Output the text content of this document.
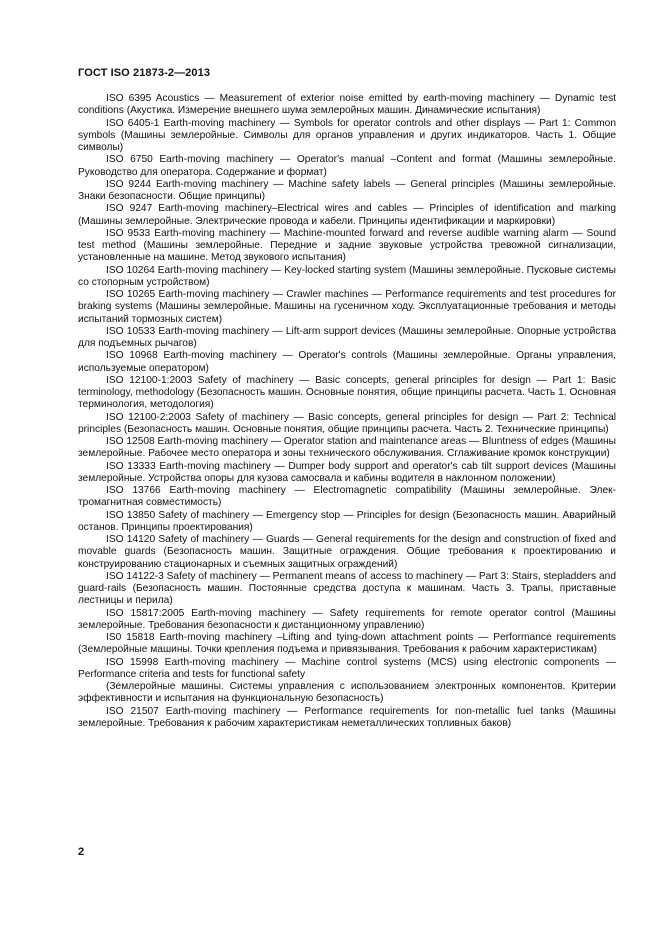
ГОСТ ISO 21873-2—2013

ISO 6395 Acoustics — Measurement of exterior noise emitted by earth-moving machinery — Dynamic test conditions (Акустика. Измерение внешнего шума землеройных машин. Динамические испытания)

ISO 6405-1 Earth-moving machinery — Symbols for operator controls and other displays — Part 1: Common symbols (Машины землеройные. Символы для органов управления и других индикаторов. Часть 1. Общие символы)

ISO 6750 Earth-moving machinery — Operator's manual –Content and format (Машины землеройные. Руководство для оператора. Содержание и формат)

ISO 9244 Earth-moving machinery — Machine safety labels — General principles (Машины землеройные. Знаки безопасности. Общие принципы)

ISO 9247 Earth-moving machinery–Electrical wires and cables — Principles of identification and marking (Машины землеройные. Электрические провода и кабели. Принципы идентификации и маркировки)

ISO 9533 Earth-moving machinery — Machine-mounted forward and reverse audible warning alarm — Sound test method (Машины землеройные. Передние и задние звуковые устройства тревожной сигнализации, установленные на машине. Метод звукового испытания)

ISO 10264 Earth-moving machinery — Key-locked starting system (Машины землеройные. Пусковые системы со стопорным устройством)

ISO 10265 Earth-moving machinery — Crawler machines — Performance requirements and test procedures for braking systems (Машины землеройные. Машины на гусеничном ходу. Эксплуатационные требования и методы испытаний тормозных систем)

ISO 10533 Earth-moving machinery — Lift-arm support devices (Машины землеройные. Опорные устройства для подъемных рычагов)

ISO 10968 Earth-moving machinery — Operator's controls (Машины землеройные. Органы управления, используемые оператором)

ISO 12100-1:2003 Safety of machinery — Basic concepts, general principles for design — Part 1: Basic terminology, methodology (Безопасность машин. Основные понятия, общие принципы расчета. Часть 1. Основная терминология, методология)

ISO 12100-2:2003 Safety of machinery — Basic concepts, general principles for design — Part 2: Technical principles (Безопасность машин. Основные понятия, общие принципы расчета. Часть 2. Технические принципы)

ISO 12508 Earth-moving machinery — Operator station and maintenance areas — Bluntness of edges (Машины землеройные. Рабочее место оператора и зоны технического обслуживания. Сглаживание кромок конструкции)

ISO 13333 Earth-moving machinery — Dumper body support and operator's cab tilt support devices (Машины землеройные. Устройства опоры для кузова самосвала и кабины водителя в наклонном положении)

ISO 13766 Earth-moving machinery — Electromagnetic compatibility (Машины землеройные. Электромагнитная совместимость)

ISO 13850 Safety of machinery — Emergency stop — Principles for design (Безопасность машин. Аварийный останов. Принципы проектирования)

ISO 14120 Safety of machinery — Guards — General requirements for the design and construction of fixed and movable guards (Безопасность машин. Защитные ограждения. Общие требования к проектированию и конструированию стационарных и съемных защитных ограждений)

ISO 14122-3 Safety of machinery — Permanent means of access to machinery — Part 3: Stairs, stepladders and guard-rails (Безопасность машин. Постоянные средства доступа к машинам. Часть 3. Трапы, приставные лестницы и перила)

ISO 15817:2005 Earth-moving machinery — Safety requirements for remote operator control (Машины землеройные. Требования безопасности к дистанционному управлению)

IS0 15818 Earth-moving machinery –Lifting and tying-down attachment points — Performance requirements (Землеройные машины. Точки крепления подъема и привязывания. Требования к рабочим характеристикам)

ISO 15998 Earth-moving machinery — Machine control systems (MCS) using electronic components — Performance criteria and tests for functional safety

(Землеройные машины. Системы управления с использованием электронных компонентов. Критерии эффективности и испытания на функциональную безопасность)

ISO 21507 Earth-moving machinery — Performance requirements for non-metallic fuel tanks (Машины землеройные. Требования к рабочим характеристикам неметаллических топливных баков)

2
